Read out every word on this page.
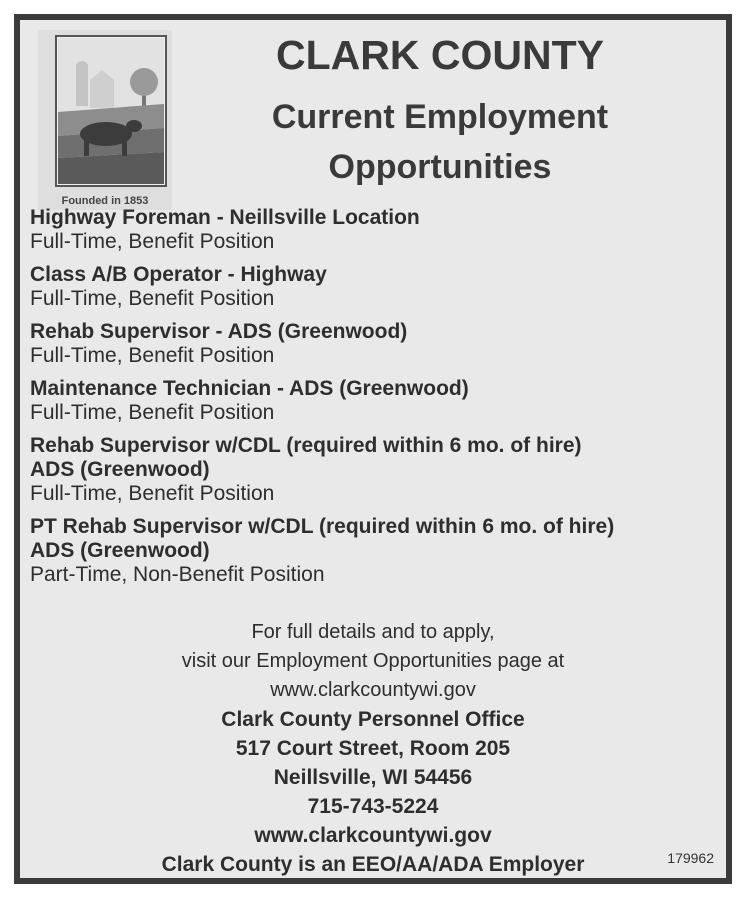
Founded in 1853
CLARK COUNTY
Current Employment
Opportunities
Highway Foreman - Neillsville Location
Full-Time, Benefit Position
Class A/B Operator - Highway
Full-Time, Benefit Position
Rehab Supervisor - ADS (Greenwood)
Full-Time, Benefit Position
Maintenance Technician - ADS (Greenwood)
Full-Time, Benefit Position
Rehab Supervisor w/CDL (required within 6 mo. of hire)
ADS (Greenwood)
Full-Time, Benefit Position
PT Rehab Supervisor w/CDL (required within 6 mo. of hire)
ADS (Greenwood)
Part-Time, Non-Benefit Position
For full details and to apply,
visit our Employment Opportunities page at
www.clarkcountywi.gov
Clark County Personnel Office
517 Court Street, Room 205
Neillsville, WI 54456
715-743-5224
www.clarkcountywi.gov
Clark County is an EEO/AA/ADA Employer	179962
